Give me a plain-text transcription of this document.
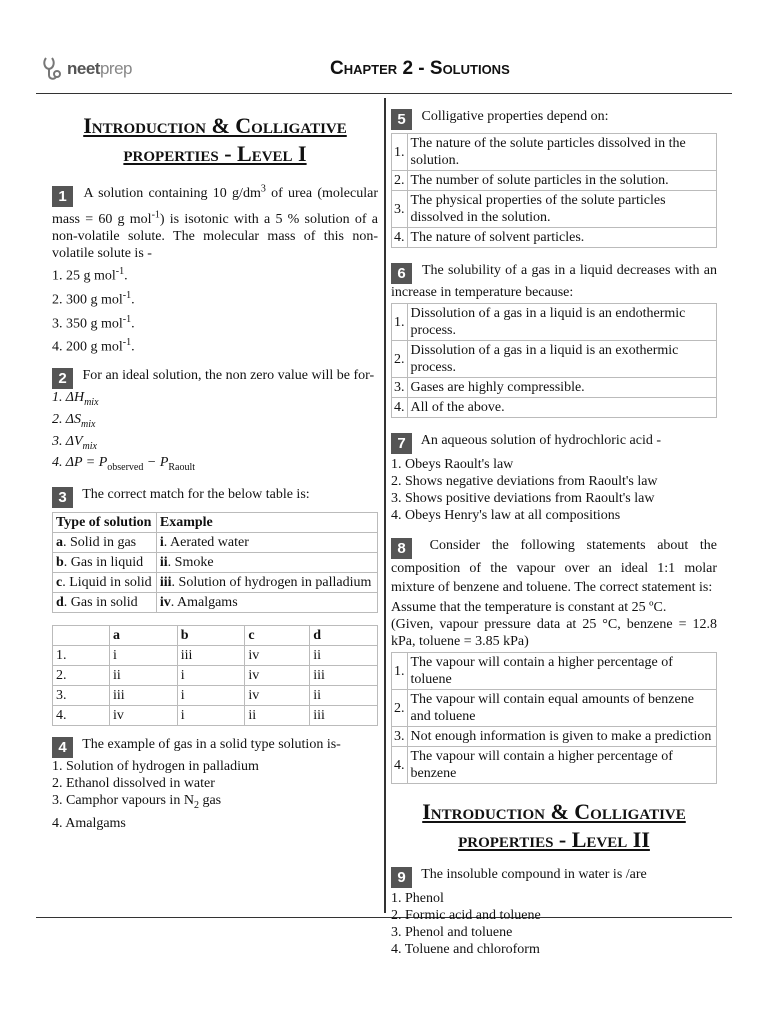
neetprep	Chapter 2 - Solutions
Introduction & Colligative properties - Level I
1 A solution containing 10 $g/dm^3$ of urea (molecular mass = 60 g mol$^{-1}$) is isotonic with a 5 % solution of a non-volatile solute. The molecular mass of this non-volatile solute is -
1. 25 g mol$^{-1}$.
2. 300 g mol$^{-1}$.
3. 350 g mol$^{-1}$.
4. 200 g mol$^{-1}$.
2 For an ideal solution, the non zero value will be for-
1. $\Delta H_{mix}$
2. $\Delta S_{mix}$
3. $\Delta V_{mix}$
4. $\Delta P = P_{observed} - P_{Raoult}$
3 The correct match for the below table is:
Type of solution	Example
a. Solid in gas	i. Aerated water
b. Gas in liquid	ii. Smoke
c. Liquid in solid	iii. Solution of hydrogen in palladium
d. Gas in solid	iv. Amalgams
	a	b	c	d
1.	i	iii	iv	ii
2.	ii	i	iv	iii
3.	iii	i	iv	ii
4.	iv	i	ii	iii
4 The example of gas in a solid type solution is-
1. Solution of hydrogen in palladium
2. Ethanol dissolved in water
3. Camphor vapours in $N_2$ gas
4. Amalgams
5 Colligative properties depend on:
1.	The nature of the solute particles dissolved in the solution.
2.	The number of solute particles in the solution.
3.	The physical properties of the solute particles dissolved in the solution.
4.	The nature of solvent particles.
6 The solubility of a gas in a liquid decreases with an increase in temperature because:
1.	Dissolution of a gas in a liquid is an endothermic process.
2.	Dissolution of a gas in a liquid is an exothermic process.
3.	Gases are highly compressible.
4.	All of the above.
7 An aqueous solution of hydrochloric acid -
1. Obeys Raoult's law
2. Shows negative deviations from Raoult's law
3. Shows positive deviations from Raoult's law
4. Obeys Henry's law at all compositions
8 Consider the following statements about the composition of the vapour over an ideal 1:1 molar mixture of benzene and toluene. The correct statement is:
Assume that the temperature is constant at 25 ºC.
(Given, vapour pressure data at 25 °C, benzene = 12.8 kPa, toluene = 3.85 kPa)
1.	The vapour will contain a higher percentage of toluene
2.	The vapour will contain equal amounts of benzene and toluene
3.	Not enough information is given to make a prediction
4.	The vapour will contain a higher percentage of benzene
Introduction & Colligative properties - Level II
9 The insoluble compound in water is /are
1. Phenol
2. Formic acid and toluene
3. Phenol and toluene
4. Toluene and chloroform
